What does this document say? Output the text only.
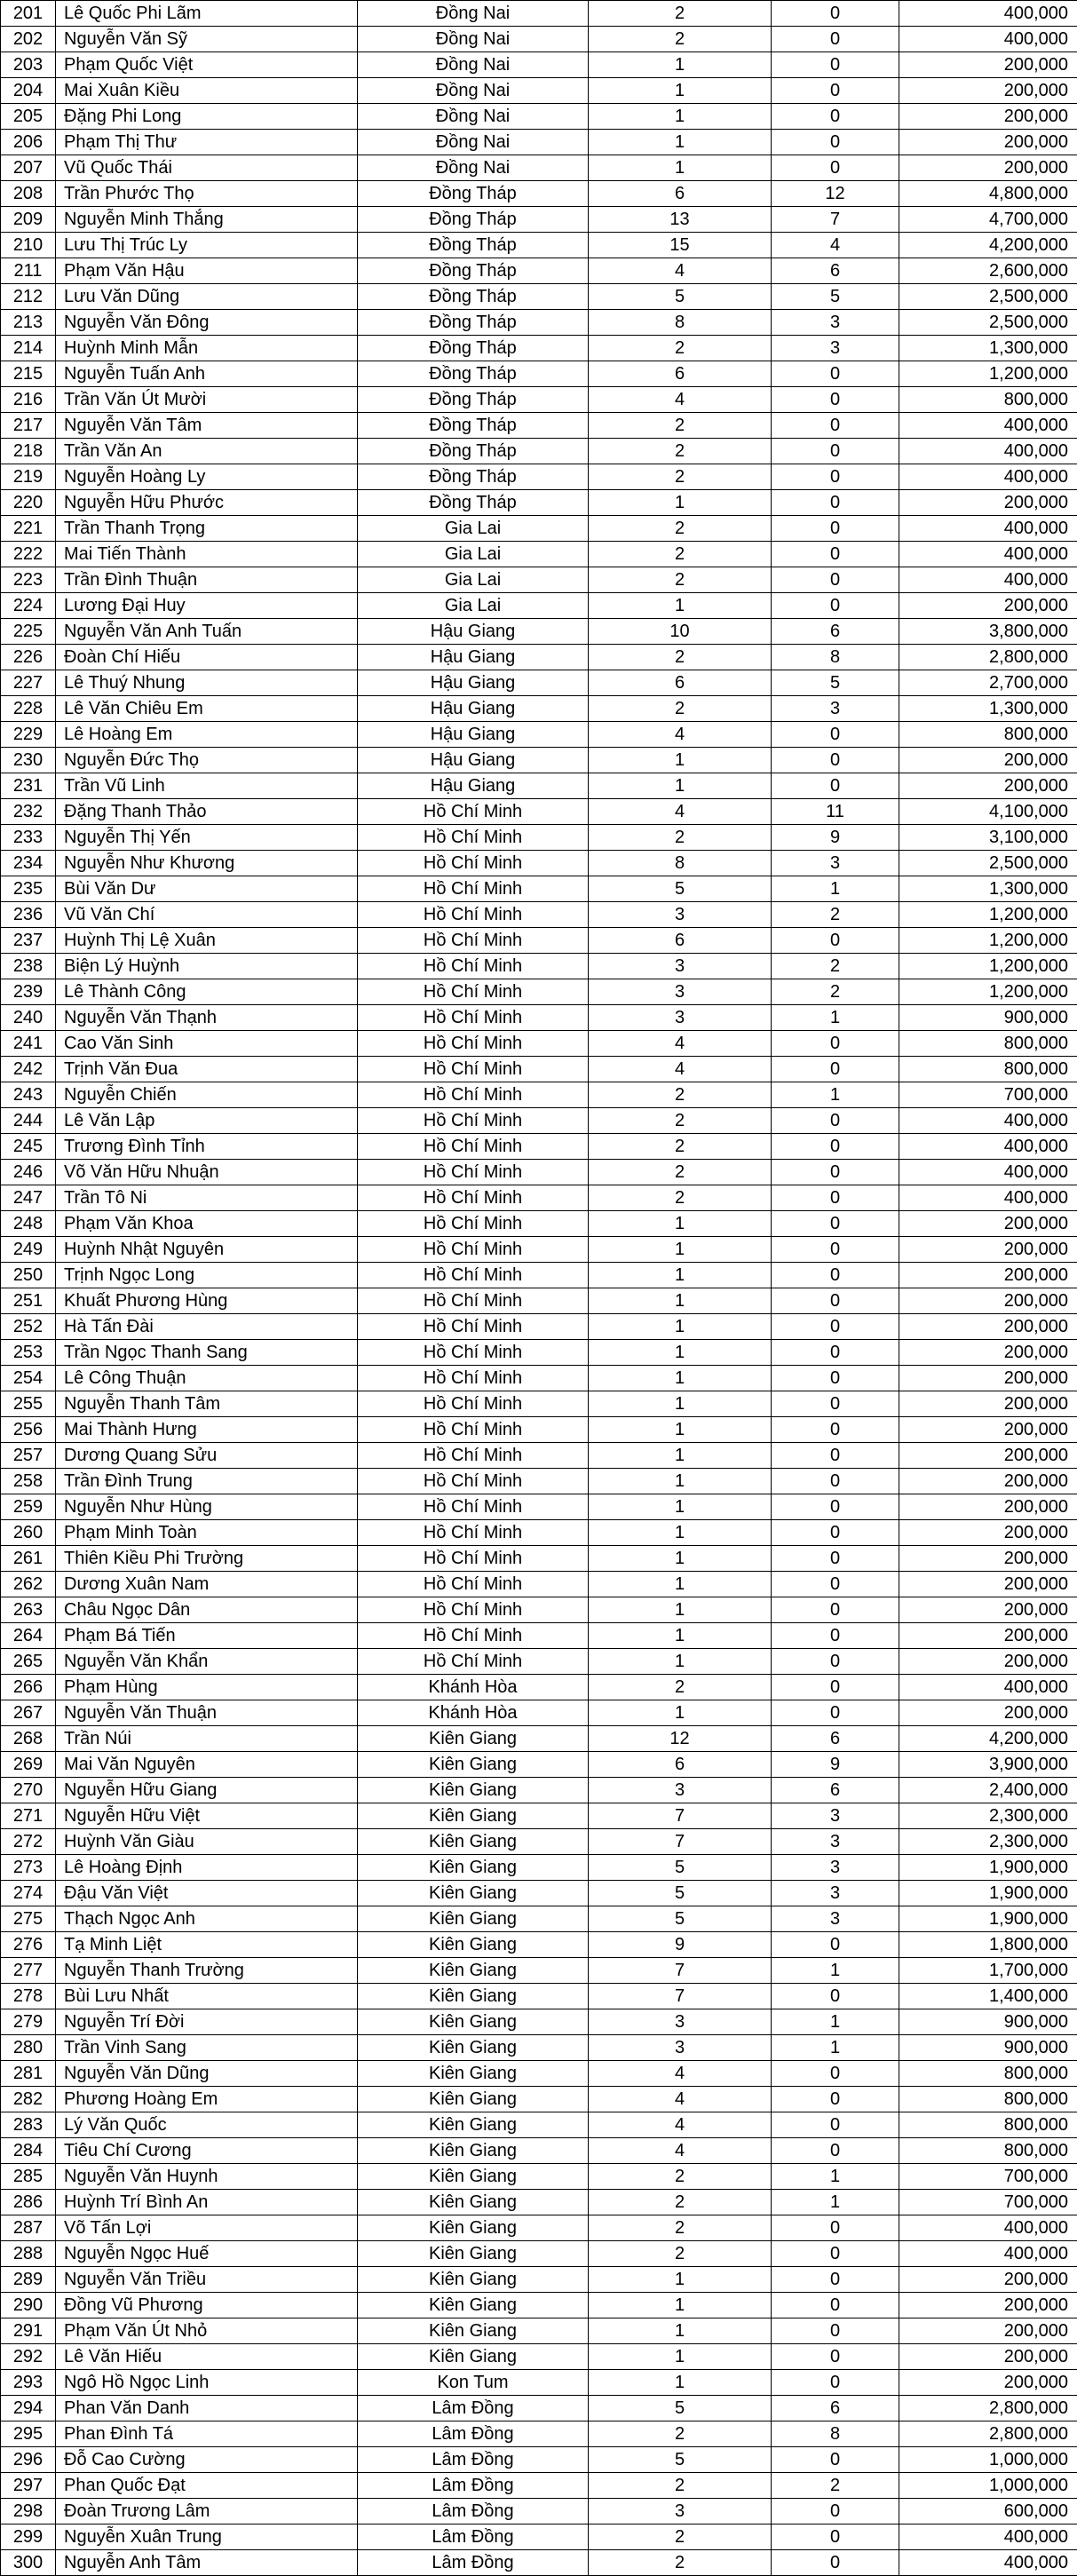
201	Lê Quốc Phi Lãm	Đồng Nai	2	0	400,000
202	Nguyễn Văn Sỹ	Đồng Nai	2	0	400,000
203	Phạm Quốc Việt	Đồng Nai	1	0	200,000
204	Mai Xuân Kiều	Đồng Nai	1	0	200,000
205	Đặng Phi Long	Đồng Nai	1	0	200,000
206	Phạm Thị Thư	Đồng Nai	1	0	200,000
207	Vũ Quốc Thái	Đồng Nai	1	0	200,000
208	Trần Phước Thọ	Đồng Tháp	6	12	4,800,000
209	Nguyễn Minh Thắng	Đồng Tháp	13	7	4,700,000
210	Lưu Thị Trúc Ly	Đồng Tháp	15	4	4,200,000
211	Phạm Văn Hậu	Đồng Tháp	4	6	2,600,000
212	Lưu Văn Dũng	Đồng Tháp	5	5	2,500,000
213	Nguyễn Văn Đông	Đồng Tháp	8	3	2,500,000
214	Huỳnh Minh Mẫn	Đồng Tháp	2	3	1,300,000
215	Nguyễn Tuấn Anh	Đồng Tháp	6	0	1,200,000
216	Trần Văn Út Mười	Đồng Tháp	4	0	800,000
217	Nguyễn Văn Tâm	Đồng Tháp	2	0	400,000
218	Trần Văn An	Đồng Tháp	2	0	400,000
219	Nguyễn Hoàng Ly	Đồng Tháp	2	0	400,000
220	Nguyễn Hữu Phước	Đồng Tháp	1	0	200,000
221	Trần Thanh Trọng	Gia Lai	2	0	400,000
222	Mai Tiến Thành	Gia Lai	2	0	400,000
223	Trần Đình Thuận	Gia Lai	2	0	400,000
224	Lương Đại Huy	Gia Lai	1	0	200,000
225	Nguyễn Văn Anh Tuấn	Hậu Giang	10	6	3,800,000
226	Đoàn Chí Hiếu	Hậu Giang	2	8	2,800,000
227	Lê Thuý Nhung	Hậu Giang	6	5	2,700,000
228	Lê Văn Chiêu Em	Hậu Giang	2	3	1,300,000
229	Lê Hoàng Em	Hậu Giang	4	0	800,000
230	Nguyễn Đức Thọ	Hậu Giang	1	0	200,000
231	Trần Vũ Linh	Hậu Giang	1	0	200,000
232	Đặng Thanh Thảo	Hồ Chí Minh	4	11	4,100,000
233	Nguyễn Thị Yến	Hồ Chí Minh	2	9	3,100,000
234	Nguyễn Như Khương	Hồ Chí Minh	8	3	2,500,000
235	Bùi Văn Dư	Hồ Chí Minh	5	1	1,300,000
236	Vũ Văn Chí	Hồ Chí Minh	3	2	1,200,000
237	Huỳnh Thị Lệ Xuân	Hồ Chí Minh	6	0	1,200,000
238	Biện Lý Huỳnh	Hồ Chí Minh	3	2	1,200,000
239	Lê Thành Công	Hồ Chí Minh	3	2	1,200,000
240	Nguyễn Văn Thạnh	Hồ Chí Minh	3	1	900,000
241	Cao Văn Sinh	Hồ Chí Minh	4	0	800,000
242	Trịnh Văn Đua	Hồ Chí Minh	4	0	800,000
243	Nguyễn Chiến	Hồ Chí Minh	2	1	700,000
244	Lê Văn Lập	Hồ Chí Minh	2	0	400,000
245	Trương Đình Tỉnh	Hồ Chí Minh	2	0	400,000
246	Võ Văn Hữu Nhuận	Hồ Chí Minh	2	0	400,000
247	Trần Tô Ni	Hồ Chí Minh	2	0	400,000
248	Phạm Văn Khoa	Hồ Chí Minh	1	0	200,000
249	Huỳnh Nhật Nguyên	Hồ Chí Minh	1	0	200,000
250	Trịnh Ngọc Long	Hồ Chí Minh	1	0	200,000
251	Khuất Phương Hùng	Hồ Chí Minh	1	0	200,000
252	Hà Tấn Đài	Hồ Chí Minh	1	0	200,000
253	Trần Ngọc Thanh Sang	Hồ Chí Minh	1	0	200,000
254	Lê Công Thuận	Hồ Chí Minh	1	0	200,000
255	Nguyễn Thanh Tâm	Hồ Chí Minh	1	0	200,000
256	Mai Thành Hưng	Hồ Chí Minh	1	0	200,000
257	Dương Quang Sửu	Hồ Chí Minh	1	0	200,000
258	Trần Đình Trung	Hồ Chí Minh	1	0	200,000
259	Nguyễn Như Hùng	Hồ Chí Minh	1	0	200,000
260	Phạm Minh Toàn	Hồ Chí Minh	1	0	200,000
261	Thiên Kiều Phi Trường	Hồ Chí Minh	1	0	200,000
262	Dương Xuân Nam	Hồ Chí Minh	1	0	200,000
263	Châu Ngọc Dân	Hồ Chí Minh	1	0	200,000
264	Phạm Bá Tiến	Hồ Chí Minh	1	0	200,000
265	Nguyễn Văn Khẩn	Hồ Chí Minh	1	0	200,000
266	Phạm Hùng	Khánh Hòa	2	0	400,000
267	Nguyễn Văn Thuận	Khánh Hòa	1	0	200,000
268	Trần Núi	Kiên Giang	12	6	4,200,000
269	Mai Văn Nguyên	Kiên Giang	6	9	3,900,000
270	Nguyễn Hữu Giang	Kiên Giang	3	6	2,400,000
271	Nguyễn Hữu Việt	Kiên Giang	7	3	2,300,000
272	Huỳnh Văn Giàu	Kiên Giang	7	3	2,300,000
273	Lê Hoàng Định	Kiên Giang	5	3	1,900,000
274	Đậu Văn Việt	Kiên Giang	5	3	1,900,000
275	Thạch Ngọc Anh	Kiên Giang	5	3	1,900,000
276	Tạ Minh Liệt	Kiên Giang	9	0	1,800,000
277	Nguyễn Thanh Trường	Kiên Giang	7	1	1,700,000
278	Bùi Lưu Nhất	Kiên Giang	7	0	1,400,000
279	Nguyễn Trí Đời	Kiên Giang	3	1	900,000
280	Trần Vinh Sang	Kiên Giang	3	1	900,000
281	Nguyễn Văn Dũng	Kiên Giang	4	0	800,000
282	Phương Hoàng Em	Kiên Giang	4	0	800,000
283	Lý Văn Quốc	Kiên Giang	4	0	800,000
284	Tiêu Chí Cương	Kiên Giang	4	0	800,000
285	Nguyễn Văn Huynh	Kiên Giang	2	1	700,000
286	Huỳnh Trí Bình An	Kiên Giang	2	1	700,000
287	Võ Tấn Lợi	Kiên Giang	2	0	400,000
288	Nguyễn Ngọc Huế	Kiên Giang	2	0	400,000
289	Nguyễn Văn Triều	Kiên Giang	1	0	200,000
290	Đồng Vũ Phương	Kiên Giang	1	0	200,000
291	Phạm Văn Út Nhỏ	Kiên Giang	1	0	200,000
292	Lê Văn Hiếu	Kiên Giang	1	0	200,000
293	Ngô Hồ Ngọc Linh	Kon Tum	1	0	200,000
294	Phan Văn Danh	Lâm Đồng	5	6	2,800,000
295	Phan Đình Tá	Lâm Đồng	2	8	2,800,000
296	Đỗ Cao Cường	Lâm Đồng	5	0	1,000,000
297	Phan Quốc Đạt	Lâm Đồng	2	2	1,000,000
298	Đoàn Trương Lâm	Lâm Đồng	3	0	600,000
299	Nguyễn Xuân Trung	Lâm Đồng	2	0	400,000
300	Nguyễn Anh Tâm	Lâm Đồng	2	0	400,000
